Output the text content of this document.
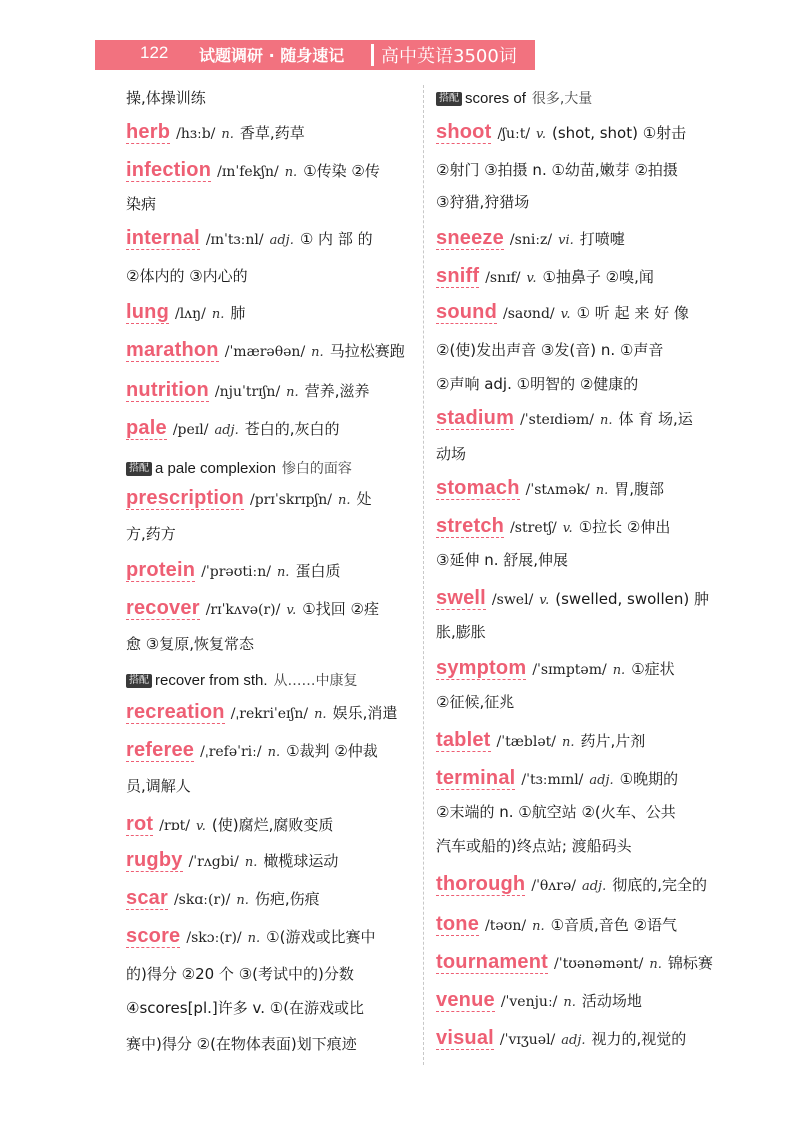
122 试题调研 · 随身速记 高中英语3500词
操,体操训练
herb /hɜːb/ n. 香草,药草
infection /ɪnˈfekʃn/ n. ①传染 ②传
染病
internal /ɪnˈtɜːnl/ adj. ① 内 部 的
②体内的 ③内心的
lung /lʌŋ/ n. 肺
marathon /ˈmærəθən/ n. 马拉松赛跑
nutrition /njuˈtrɪʃn/ n. 营养,滋养
pale /peɪl/ adj. 苍白的,灰白的
搭配 a pale complexion 惨白的面容
prescription /prɪˈskrɪpʃn/ n. 处
方,药方
protein /ˈprəʊtiːn/ n. 蛋白质
recover /rɪˈkʌvə(r)/ v. ①找回 ②痊
愈 ③复原,恢复常态
搭配 recover from sth. 从……中康复
recreation /ˌrekriˈeɪʃn/ n. 娱乐,消遣
referee /ˌrefəˈriː/ n. ①裁判 ②仲裁
员,调解人
rot /rɒt/ v. (使)腐烂,腐败变质
rugby /ˈrʌgbi/ n. 橄榄球运动
scar /skɑː(r)/ n. 伤疤,伤痕
score /skɔː(r)/ n. ①(游戏或比赛中
的)得分 ②20 个 ③(考试中的)分数
④scores[pl.]许多 v. ①(在游戏或比
赛中)得分 ②(在物体表面)划下痕迹
搭配 scores of 很多,大量
shoot /ʃuːt/ v. (shot, shot) ①射击
②射门 ③拍摄 n. ①幼苗,嫩芽 ②拍摄
③狩猎,狩猎场
sneeze /sniːz/ vi. 打喷嚏
sniff /snɪf/ v. ①抽鼻子 ②嗅,闻
sound /saʊnd/ v. ① 听 起 来 好 像
②(使)发出声音 ③发(音) n. ①声音
②声响 adj. ①明智的 ②健康的
stadium /ˈsteɪdiəm/ n. 体 育 场,运
动场
stomach /ˈstʌmək/ n. 胃,腹部
stretch /stretʃ/ v. ①拉长 ②伸出
③延伸 n. 舒展,伸展
swell /swel/ v. (swelled, swollen) 肿
胀,膨胀
symptom /ˈsɪmptəm/ n. ①症状
②征候,征兆
tablet /ˈtæblət/ n. 药片,片剂
terminal /ˈtɜːmɪnl/ adj. ①晚期的
②末端的 n. ①航空站 ②(火车、公共
汽车或船的)终点站; 渡船码头
thorough /ˈθʌrə/ adj. 彻底的,完全的
tone /təʊn/ n. ①音质,音色 ②语气
tournament /ˈtʊənəmənt/ n. 锦标赛
venue /ˈvenjuː/ n. 活动场地
visual /ˈvɪʒuəl/ adj. 视力的,视觉的
